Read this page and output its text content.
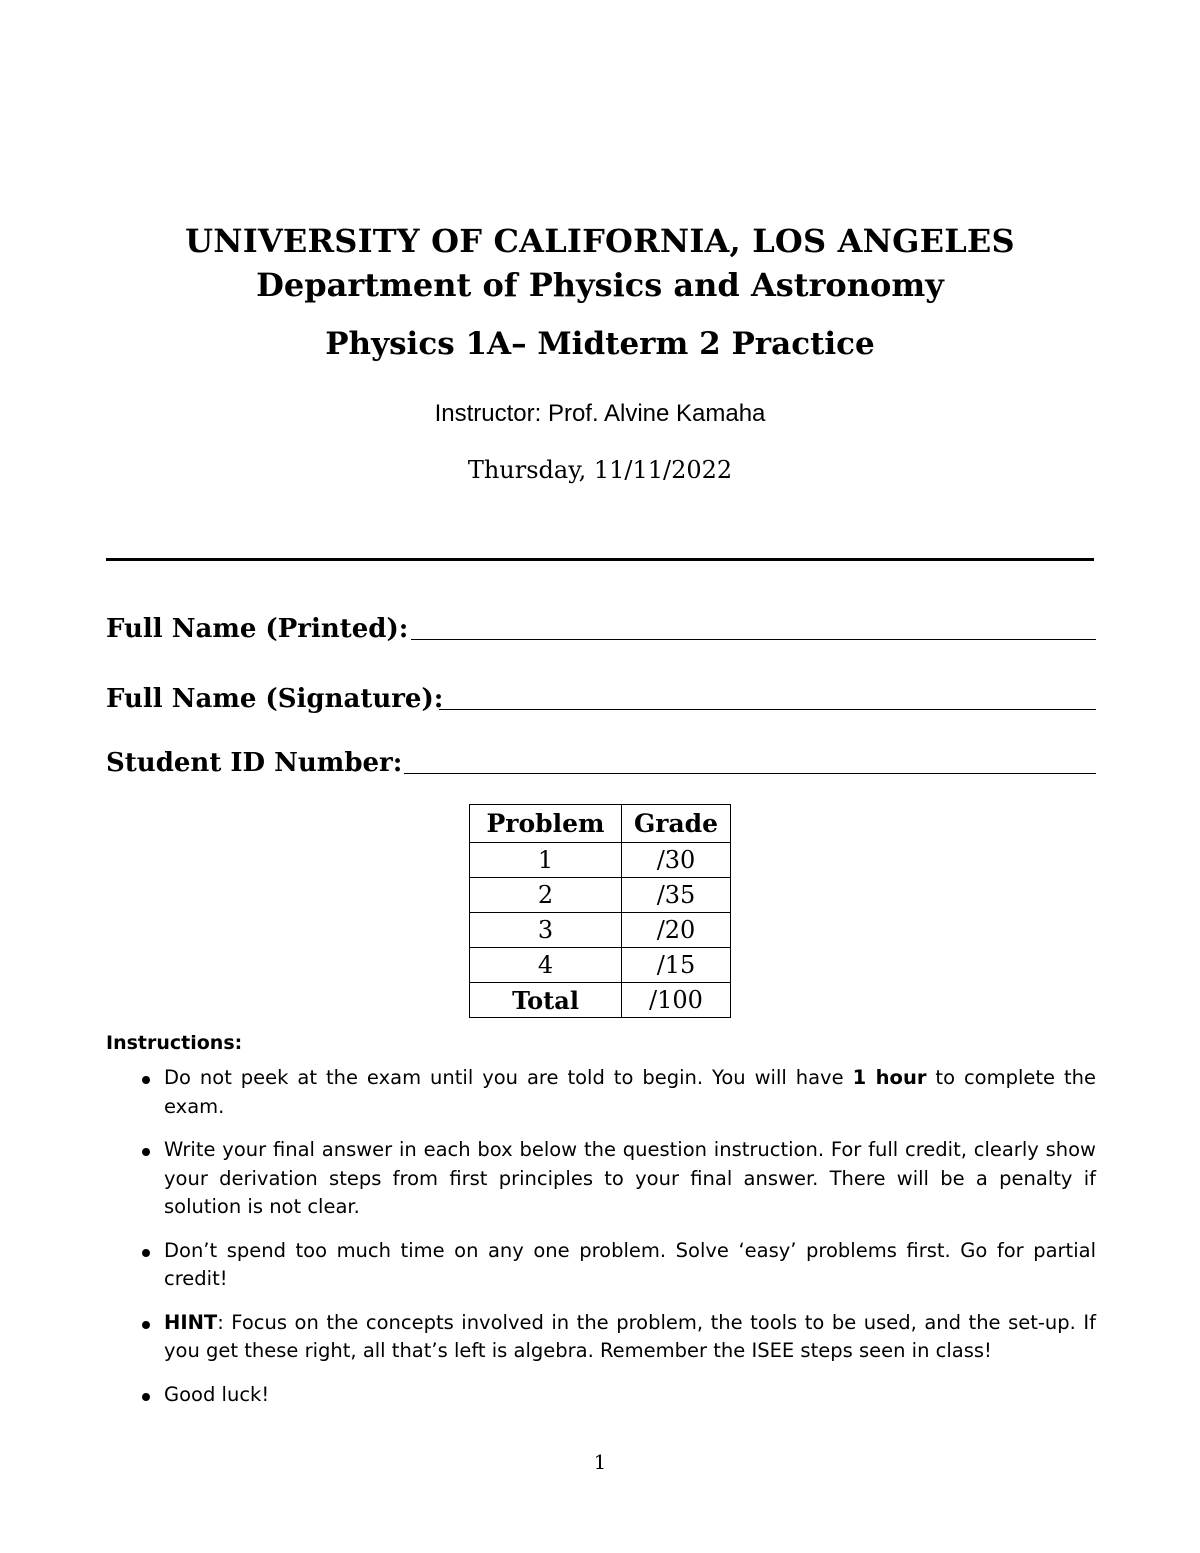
UNIVERSITY OF CALIFORNIA, LOS ANGELES
Department of Physics and Astronomy
Physics 1A– Midterm 2 Practice
Instructor: Prof. Alvine Kamaha
Thursday, 11/11/2022
Full Name (Printed):
Full Name (Signature):
Student ID Number:
Problem	Grade
1	/30
2	/35
3	/20
4	/15
Total	/100
Instructions:
Do not peek at the exam until you are told to begin. You will have 1 hour to complete the exam.
Write your final answer in each box below the question instruction. For full credit, clearly show your derivation steps from first principles to your final answer. There will be a penalty if solution is not clear.
Don’t spend too much time on any one problem. Solve ‘easy’ problems first. Go for partial credit!
HINT: Focus on the concepts involved in the problem, the tools to be used, and the set-up. If you get these right, all that’s left is algebra. Remember the ISEE steps seen in class!
Good luck!
1
